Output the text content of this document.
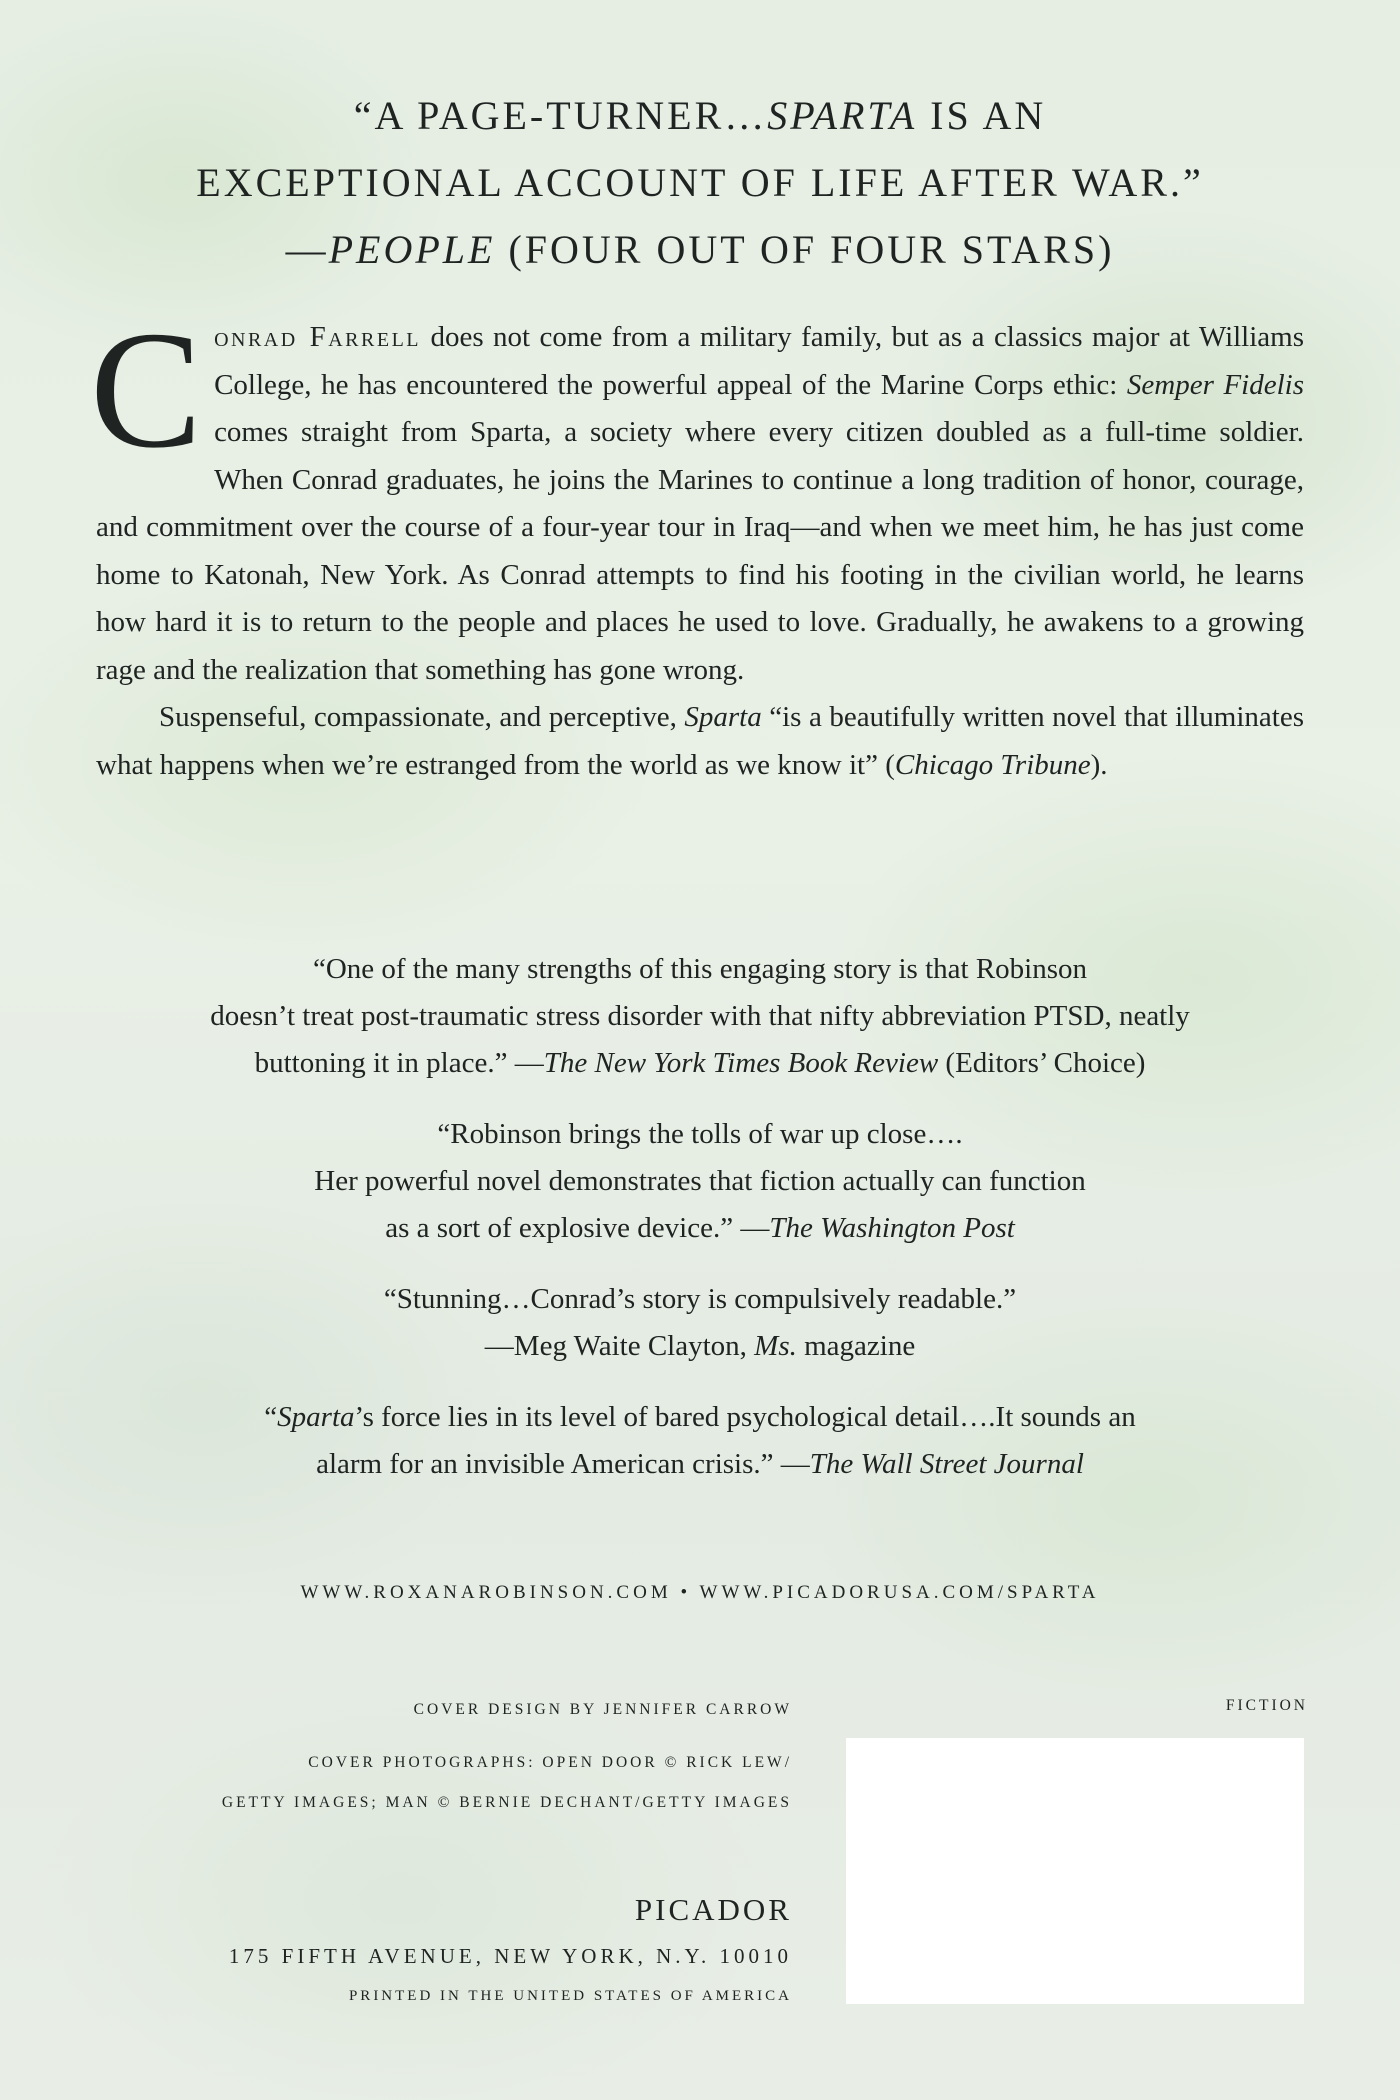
“A PAGE-TURNER…SPARTA IS AN
EXCEPTIONAL ACCOUNT OF LIFE AFTER WAR.”
—PEOPLE (FOUR OUT OF FOUR STARS)

Conrad Farrell does not come from a military family, but as a classics major at Williams College, he has encountered the powerful appeal of the Marine Corps ethic: Semper Fidelis comes straight from Sparta, a society where every citizen doubled as a full-time soldier. When Conrad graduates, he joins the Marines to continue a long tradition of honor, courage, and commitment over the course of a four-year tour in Iraq—and when we meet him, he has just come home to Katonah, New York. As Conrad attempts to find his footing in the civilian world, he learns how hard it is to return to the people and places he used to love. Gradually, he awakens to a growing rage and the realization that something has gone wrong.

Suspenseful, compassionate, and perceptive, Sparta “is a beautifully written novel that illuminates what happens when we’re estranged from the world as we know it” (Chicago Tribune).

“One of the many strengths of this engaging story is that Robinson
doesn’t treat post-traumatic stress disorder with that nifty abbreviation PTSD, neatly
buttoning it in place.” —The New York Times Book Review (Editors’ Choice)
“Robinson brings the tolls of war up close….
Her powerful novel demonstrates that fiction actually can function
as a sort of explosive device.” —The Washington Post
“Stunning…Conrad’s story is compulsively readable.”
—Meg Waite Clayton, Ms. magazine
“Sparta’s force lies in its level of bared psychological detail….It sounds an
alarm for an invisible American crisis.” —The Wall Street Journal
WWW.ROXANAROBINSON.COM • WWW.PICADORUSA.COM/SPARTA
COVER DESIGN BY JENNIFER CARROW
COVER PHOTOGRAPHS: OPEN DOOR © RICK LEW/
GETTY IMAGES; MAN © BERNIE DECHANT/GETTY IMAGES
FICTION
PICADOR
175 FIFTH AVENUE, NEW YORK, N.Y. 10010
PRINTED IN THE UNITED STATES OF AMERICA
